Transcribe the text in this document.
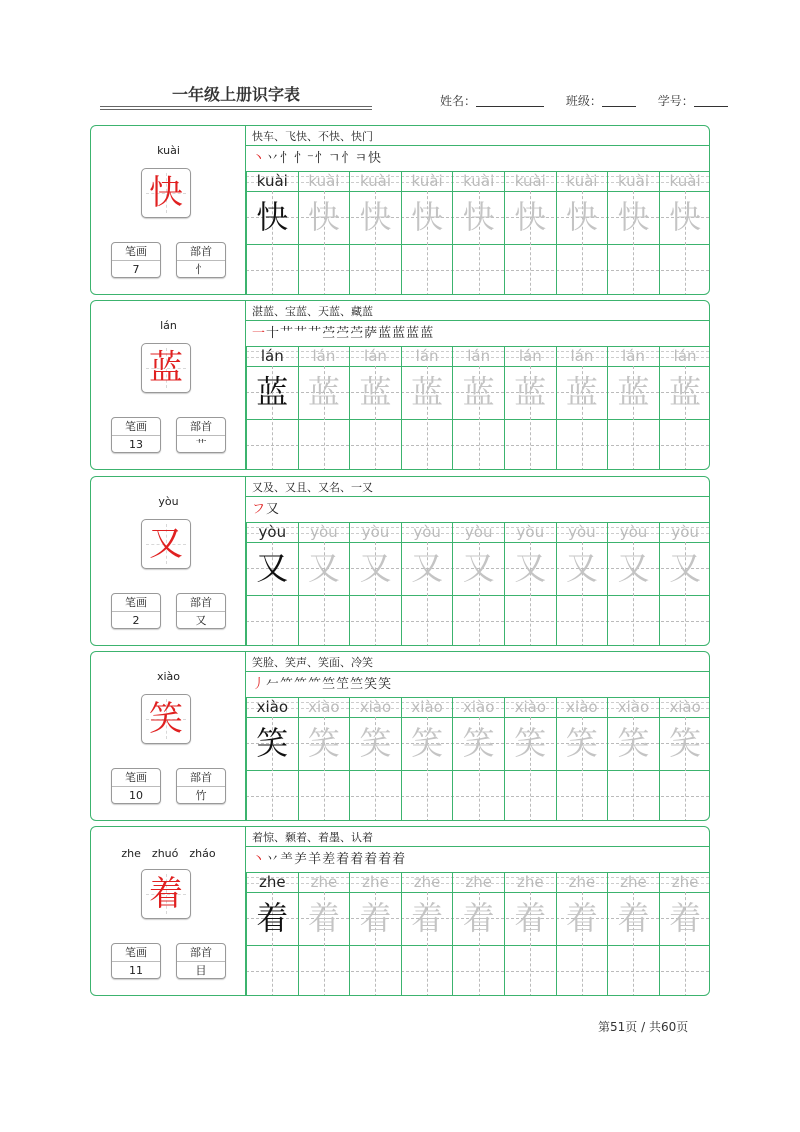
一年级上册识字表	姓名：	班级：	学号：
kuài
快
笔画
7
部首
忄
快车、飞快、不快、快门
丶丷忄忄⁻忄ㄱ忄ㅋ快
kuài
快
kuài
快
kuài
快
kuài
快
kuài
快
kuài
快
kuài
快
kuài
快
kuài
快
lán
蓝
笔画
13
部首
艹
湛蓝、宝蓝、天蓝、藏蓝
一十艹艹艹苎苎苎萨蓝蓝蓝蓝
lán
蓝
lán
蓝
lán
蓝
lán
蓝
lán
蓝
lán
蓝
lán
蓝
lán
蓝
lán
蓝
yòu
又
笔画
2
部首
又
又及、又且、又名、一又
フ又
yòu
又
yòu
又
yòu
又
yòu
又
yòu
又
yòu
又
yòu
又
yòu
又
yòu
又
xiào
笑
笔画
10
部首
竹
笑脸、笑声、笑面、冷笑
丿𠂉⺮⺮⺮竺笁竺笑笑
xiào
笑
xiào
笑
xiào
笑
xiào
笑
xiào
笑
xiào
笑
xiào
笑
xiào
笑
xiào
笑
zhe　zhuó　zháo
着
笔画
11
部首
目
着惊、颡着、着墨、认着
丶丷⺷⺶羊差着着着着着
zhe
着
zhe
着
zhe
着
zhe
着
zhe
着
zhe
着
zhe
着
zhe
着
zhe
着
第51页 / 共60页
